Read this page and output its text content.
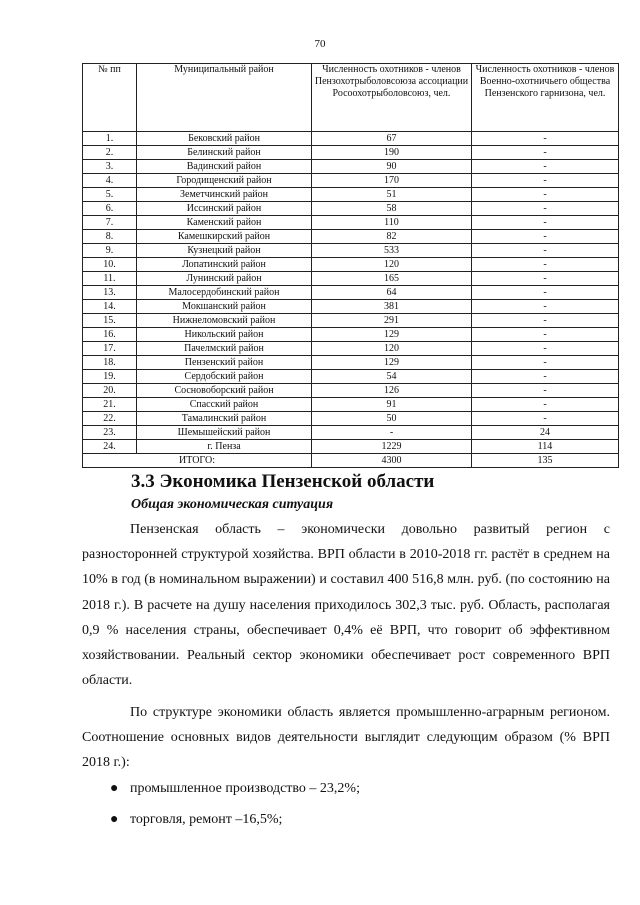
70
№ пп	Муниципальный район	Численность охотников - членов Пензохотрыболовсоюза ассоциации Росоохотрыболовсоюз, чел.	Численность охотников - членов Военно-охотничьего общества Пензенского гарнизона, чел.
1.	Бековский район	67	-
2.	Белинский район	190	-
3.	Вадинский район	90	-
4.	Городищенский район	170	-
5.	Земетчинский район	51	-
6.	Иссинский район	58	-
7.	Каменский район	110	-
8.	Камешкирский район	82	-
9.	Кузнецкий район	533	-
10.	Лопатинский район	120	-
11.	Лунинский район	165	-
13.	Малосердобинский район	64	-
14.	Мокшанский район	381	-
15.	Нижнеломовский район	291	-
16.	Никольский район	129	-
17.	Пачелмский район	120	-
18.	Пензенский район	129	-
19.	Сердобский район	54	-
20.	Сосновоборский район	126	-
21.	Спасский район	91	-
22.	Тамалинский район	50	-
23.	Шемышейский район	-	24
24.	г. Пенза	1229	114
ИТОГО:		4300	135
3.3 Экономика Пензенской области
Общая экономическая ситуация

Пензенская область – экономически довольно развитый регион с разносторонней структурой хозяйства. ВРП области в 2010-2018 гг. растёт в среднем на 10% в год (в номинальном выражении) и составил 400 516,8 млн. руб. (по состоянию на 2018 г.). В расчете на душу населения приходилось 302,3 тыс. руб. Область, располагая 0,9 % населения страны, обеспечивает 0,4% её ВРП, что говорит об эффективном хозяйствовании. Реальный сектор экономики обеспечивает рост современного ВРП области.

По структуре экономики область является промышленно-аграрным регионом. Соотношение основных видов деятельности выглядит следующим образом (% ВРП 2018 г.):

● промышленное производство – 23,2%;
● торговля, ремонт –16,5%;
